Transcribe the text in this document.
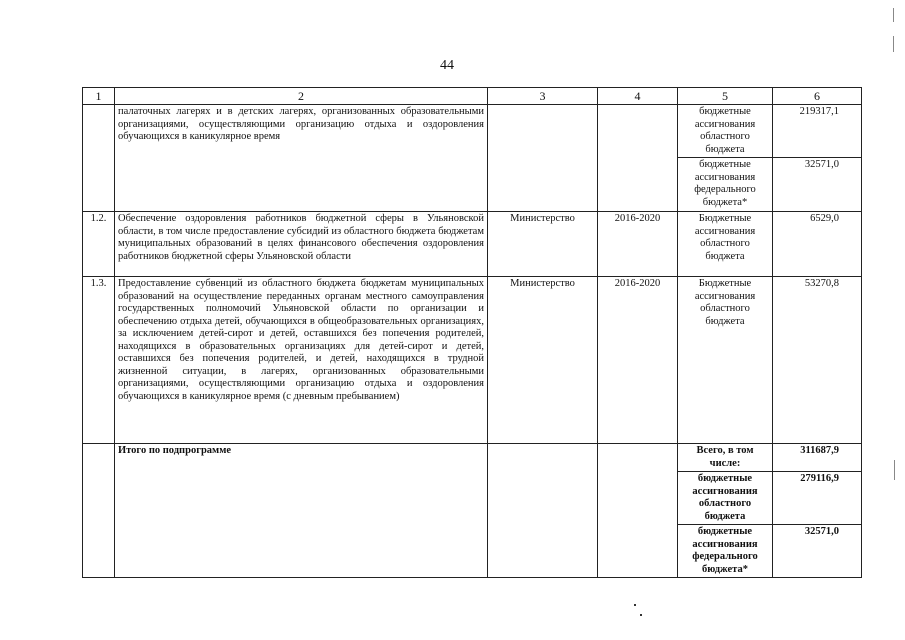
44
1	2	3	4	5	6
	палаточных лагерях и в детских лагерях, организованных образовательными организациями, осуществляющими организацию отдыха и оздоровления обучающихся в каникулярное время			бюджетные ассигнования областного бюджета	219317,1
				бюджетные ассигнования федерального бюджета*	32571,0
1.2.	Обеспечение оздоровления работников бюджетной сферы в Ульяновской области, в том числе предоставление субсидий из областного бюджета бюджетам муниципальных образований в целях финансового обеспечения оздоровления работников бюджетной сферы Ульяновской области	Министерство	2016-2020	Бюджетные ассигнования областного бюджета	6529,0
1.3.	Предоставление субвенций из областного бюджета бюджетам муниципальных образований на осуществление переданных органам местного самоуправления государственных полномочий Ульяновской области по организации и обеспечению отдыха детей, обучающихся в общеобразовательных организациях, за исключением детей-сирот и детей, оставшихся без попечения родителей, находящихся в образовательных организациях для детей-сирот и детей, оставшихся без попечения родителей, и детей, находящихся в трудной жизненной ситуации, в лагерях, организованных образовательными организациями, осуществляющими организацию отдыха и оздоровления обучающихся в каникулярное время (с дневным пребыванием)	Министерство	2016-2020	Бюджетные ассигнования областного бюджета	53270,8
	Итого по подпрограмме			Всего, в том числе:	311687,9
				бюджетные ассигнования областного бюджета	279116,9
				бюджетные ассигнования федерального бюджета*	32571,0
